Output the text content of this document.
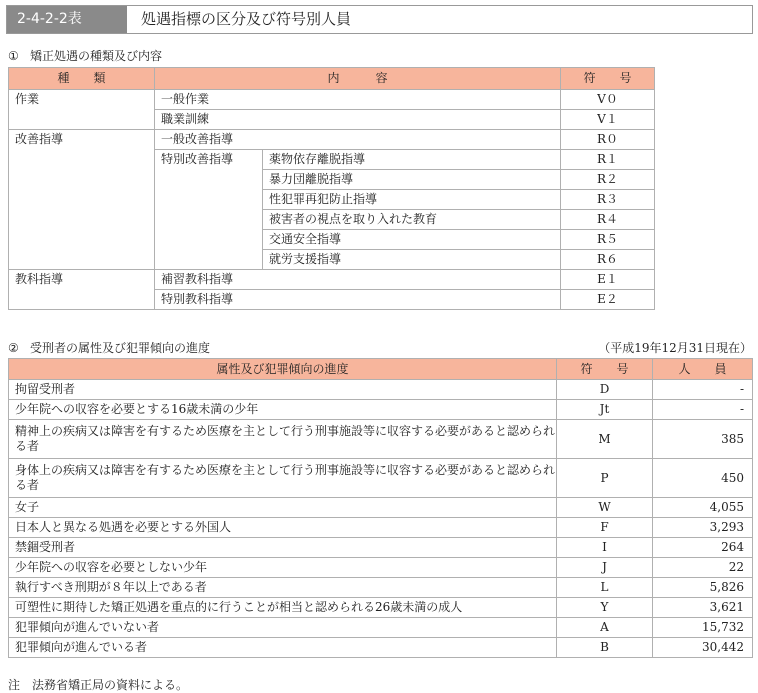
2-4-2-2表	処遇指標の区分及び符号別人員
① 矯正処遇の種類及び内容
種　　類	内　　　容		符　　号
作業	一般作業		V０
	職業訓練		V１
改善指導	一般改善指導		R０
	特別改善指導	薬物依存離脱指導	R１
		暴力団離脱指導	R２
		性犯罪再犯防止指導	R３
		被害者の視点を取り入れた教育	R４
		交通安全指導	R５
		就労支援指導	R６
教科指導	補習教科指導		E１
	特別教科指導		E２
② 受刑者の属性及び犯罪傾向の進度	（平成19年12月31日現在）
属性及び犯罪傾向の進度	符　　号	人　　員
拘留受刑者	D	-
少年院への収容を必要とする16歳未満の少年	Jt	-
精神上の疾病又は障害を有するため医療を主として行う刑事施設等に収容する必要があると認められる者	M	385
身体上の疾病又は障害を有するため医療を主として行う刑事施設等に収容する必要があると認められる者	P	450
女子	W	4,055
日本人と異なる処遇を必要とする外国人	F	3,293
禁錮受刑者	I	264
少年院への収容を必要としない少年	J	22
執行すべき刑期が８年以上である者	L	5,826
可塑性に期待した矯正処遇を重点的に行うことが相当と認められる26歳未満の成人	Y	3,621
犯罪傾向が進んでいない者	A	15,732
犯罪傾向が進んでいる者	B	30,442
注　法務省矯正局の資料による。
